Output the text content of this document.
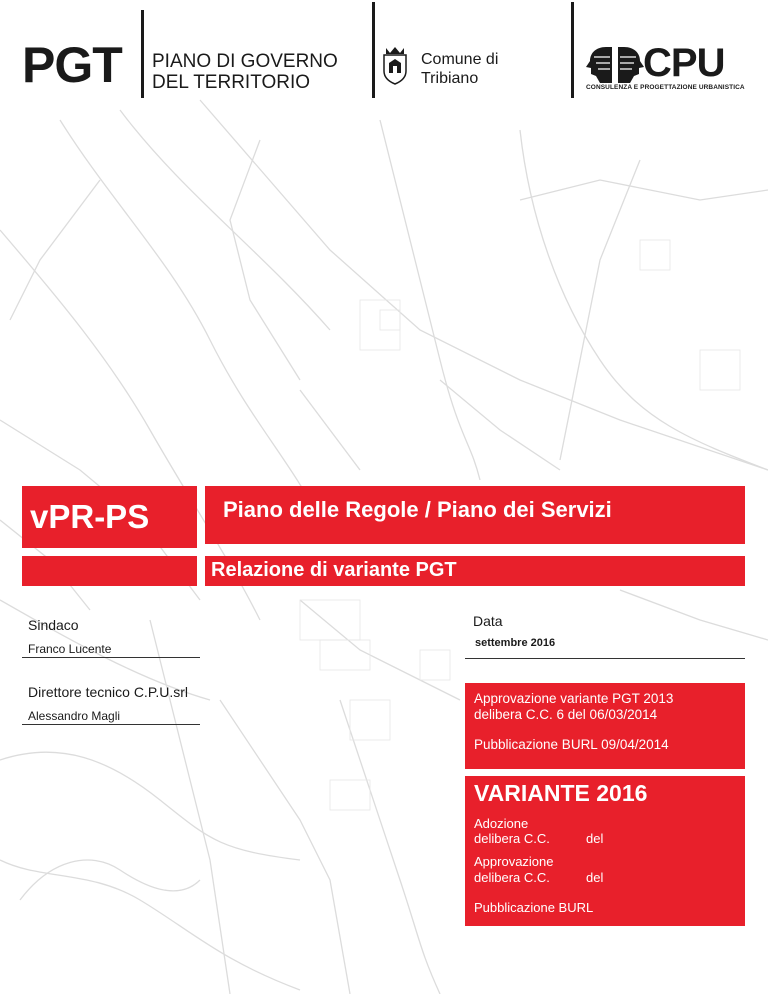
PGT PIANO DI GOVERNO
DEL TERRITORIO
Comune di
Tribiano	CPU
CONSULENZA E PROGETTAZIONE URBANISTICA
vPR-PS	Piano delle Regole / Piano dei Servizi
Relazione di variante PGT
Sindaco
Franco Lucente
Direttore tecnico C.P.U.srl
Alessandro Magli
Data
settembre 2016
Approvazione variante PGT 2013
delibera C.C. 6 del 06/03/2014
Pubblicazione BURL 09/04/2014
VARIANTE 2016
Adozione
delibera C.C.	del
Approvazione
delibera C.C.	del
Pubblicazione BURL
